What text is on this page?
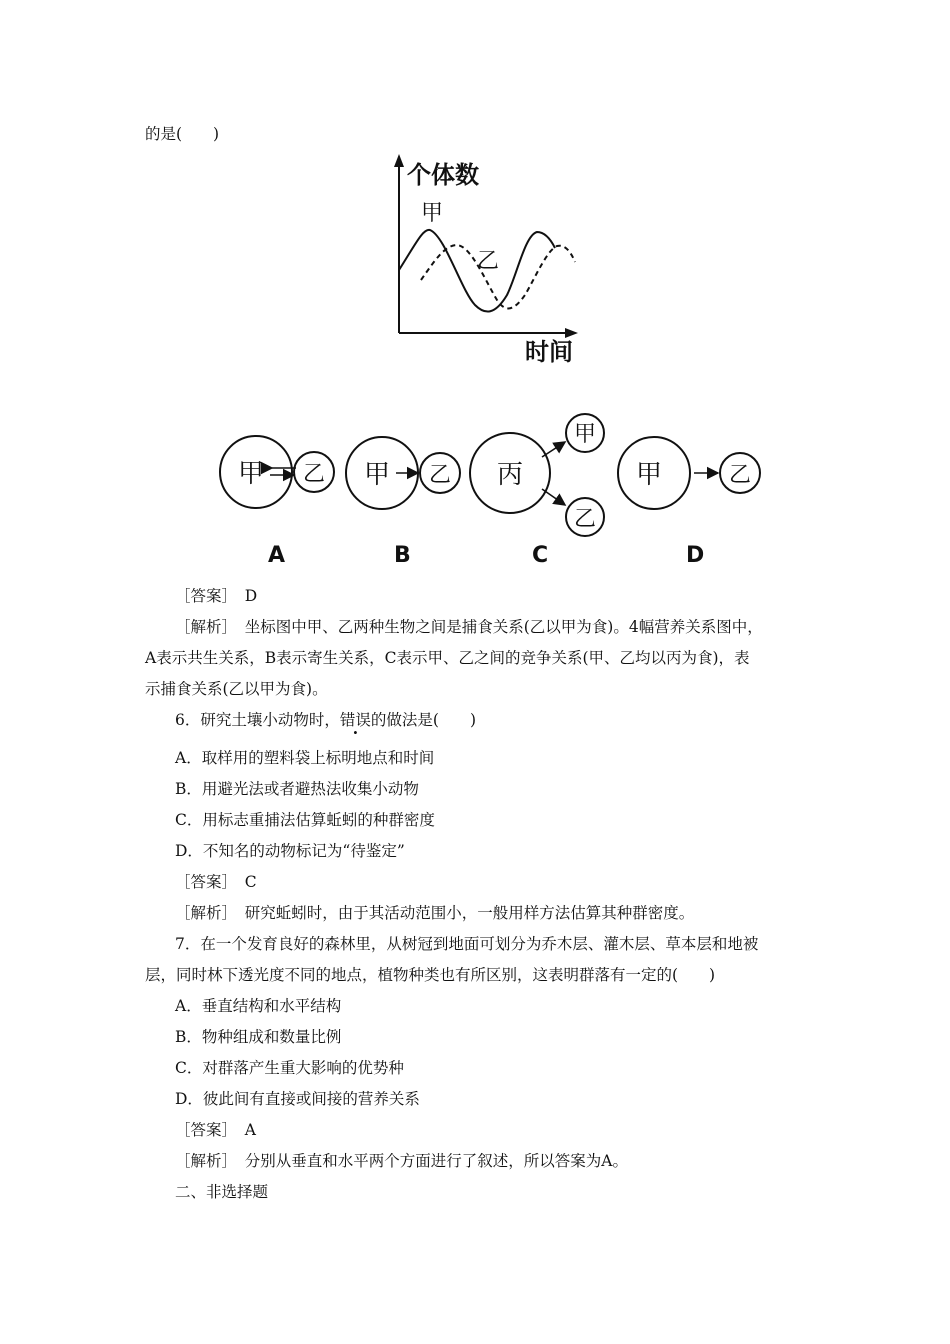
的是(　　)
个体数
时间
甲
乙
甲 乙
A
甲 乙
B
丙
甲
乙
C
甲	乙
D
［答案］　D
［解析］　坐标图中甲、乙两种生物之间是捕食关系(乙以甲为食)。4幅营养关系图中，
A表示共生关系，B表示寄生关系，C表示甲、乙之间的竞争关系(甲、乙均以丙为食)，表
示捕食关系(乙以甲为食)。
6．研究土壤小动物时，错误的做法是(　　)
A．取样用的塑料袋上标明地点和时间
B．用避光法或者避热法收集小动物
C．用标志重捕法估算蚯蚓的种群密度
D．不知名的动物标记为“待鉴定”
［答案］　C
［解析］　研究蚯蚓时，由于其活动范围小，一般用样方法估算其种群密度。
7．在一个发育良好的森林里，从树冠到地面可划分为乔木层、灌木层、草本层和地被
层，同时林下透光度不同的地点，植物种类也有所区别，这表明群落有一定的(　　)
A．垂直结构和水平结构
B．物种组成和数量比例
C．对群落产生重大影响的优势种
D．彼此间有直接或间接的营养关系
［答案］　A
［解析］　分别从垂直和水平两个方面进行了叙述，所以答案为A。
二、非选择题
